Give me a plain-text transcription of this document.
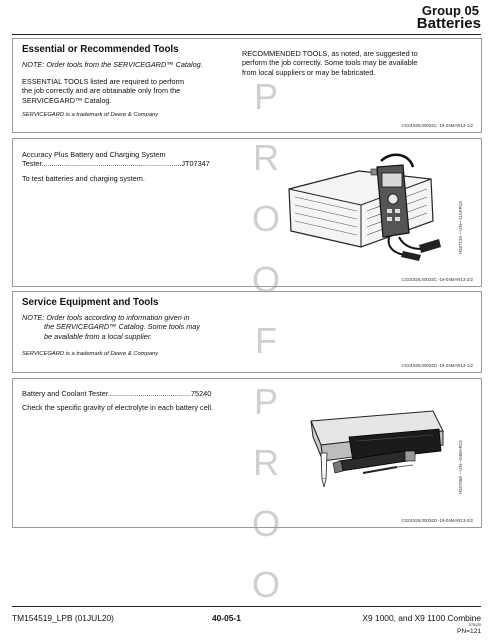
P
R
O
O
F
P
R
O
O
Group 05
Batteries
Essential or Recommended Tools
NOTE: Order tools from the SERVICEGARD™ Catalog.
ESSENTIAL TOOLS listed are required to perform
the job correctly and are obtainable only from the
SERVICEGARD™ Catalog.
SERVICEGARD is a trademark of Deere & Company
RECOMMENDED TOOLS, as noted, are suggested to
perform the job correctly. Some tools may be available
from local suppliers or may be fabricated.
CG01926,00034C -19-04MAR13-1/2
Accuracy Plus Battery and Charging System
Tester.....................................................................JT07347
To test batteries and charging system.
H107133 —UN—11APR13
CG01926,00034C -19-04MAR13-2/2
Service Equipment and Tools
NOTE: Order tools according to information given in
the SERVICEGARD™ Catalog. Some tools may
be available from a local supplier.
SERVICEGARD is a trademark of Deere & Company
CG01926,00034D -19-04MAR13-1/2
Battery and Coolant Tester.........................................75240
Check the specific gravity of electrolyte in each battery cell.
H107068 —UN—04MAR13
CG01926,00034D -19-04MAR13-2/2
TM154519_LPB (01JUL20)	40-05-1	X9 1000, and X9 1100 Combine
070120
PN=121
